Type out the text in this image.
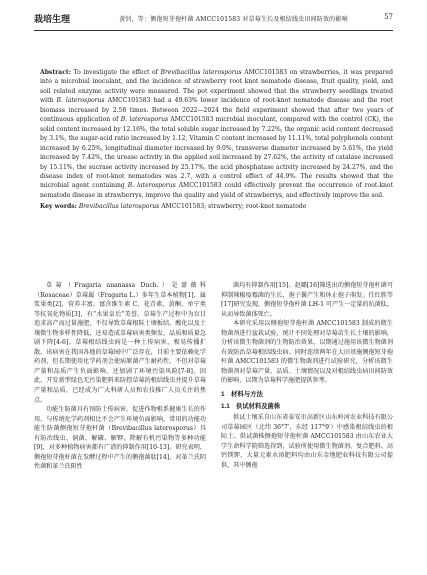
栽培生理	黄钊，等：侧孢短芽孢杆菌 AMCC101583 对草莓生长及根结线虫田间防效的影响	57

Abstract: To investigate the effect of Brevibacillus laterosporus AMCC101583 on strawberries, it was prepared into a microbial inoculant, and the incidence of strawberry root knot nematode disease, fruit quality, yield, and soil related enzyme activity were measured. The pot experiment showed that the strawberry seedlings treated with B. laterosporus AMCC101583 had a 49.63% lower incidence of root-knot nematode disease and the root biomass increased by 2.58 times. Between 2022—2024 the field experiment showed that after two years of continuous application of B. laterosporus AMCC101583 microbial inoculant, compared with the control (CK), the solid content increased by 12.16%, the total soluble sugar increased by 7.22%, the organic acid content decreased by 3.1%, the sugar-acid ratio increased by 1.12, Vitamin C content increased by 11.11%, total polyphenols content increased by 6.25%, longitudinal diameter increased by 9.0%, transverse diameter increased by 5.61%, the yield increased by 7.42%, the urease activity in the applied soil increased by 27.62%, the activity of catalase increased by 15.11%, the sucrase activity increased by 25.17%, the acid phosphatase activity increased by 24.27%, and the disease index of root-knot nematodes was 2.7, with a control effect of 44.9%. The results showed that the microbial agent containing B. laterosporus AMCC101583 could effectively prevent the occurrence of root-knot nematode disease in strawberrys, improve the quality and yield of strawberrys, and effectively improve the soil.

Key words: Brevibacillus laterosporus AMCC101583; strawberry; root-knot nematode

草莓（Fragaria ananassa Duch.）是蔷薇科（Rosaceae）草莓属（Fragaria L.）多年生草本植物[1]，属浆果类[2]，营养丰富，富含维生素 C、花青素、黄酮、单宁类等抗氧化物质[3]，有“水果皇后”美誉。草莓生产过程中为盲目追求高产而过量施肥，不仅导致草莓根际土壤板结、酸化以及土壤微生物多样性降低，还易造成草莓病害类频发，品质和质量急剧下降[4-6]。草莓根结线虫病是一种土传病害，极易传播扩散，该病害在我国各地的草莓园中广泛存在，目前主要依赖化学药剂，但长期使用化学药剂会使病原菌产生耐药性，不但对草莓产量和品质产生负面影响，还加剧了环境污染风险[7-8]。因此，开发新型绿色无污染肥料来防控草莓的根结线虫并提升草莓产量和品质，已经成为广大科研人员和农技推广人员关注的焦点。

功能生防菌具有预防土传病害、促进作物根系健康生长的作用，与传统化学药剂相比不会产生环境负面影响，常用的功能功能生防菌侧孢短芽孢杆菌（Brevibacillus laterosporus）具有防治线虫、洞菌、解磷、解钾、降解有机污染物等多种功能[9]，对多种植物病害都有广谱的抑制作用[10-13]。研究表明，侧孢短芽孢杆菌在发酵过程中产生的侧孢菌肽[14]，对革兰氏阴性菌和革兰氏阳性

菌均有抑制作用[15]。赵璐[16]筛选出的侧孢短芽孢杆菌可抑制辣椒疫霉菌的生长，孢子囊产生和休止孢子萌发。任红胜等[17]研究发现，侧孢短芽孢杆菌 LH-1 可产生一定量的抗菌肽，从而导致菌体死亡。

本研究采用以侧孢短芽孢杆菌 AMCC101583 制成的微生物菌剂进行盆栽试验，统计不同处理对草莓苗生长土壤的影响，分析该微生物菌剂的生物防治效果，以期通过施用该微生物菌剂有效防治草莓根结线虫病。同时连续两年在大田基施侧孢短芽孢杆菌 AMCC101583 的微生物菌剂进行试验研究，分析该微生物菌剂对草莓产量、品质、土壤情况以及对根结线虫病田间防效的影响，以期为草莓科学施肥提供参考。

1　材料与方法
1.1　供试材料及菌株

供试土壤采自山东省泰安市高新区山东岭河农业科技有限公司草莓园区（北纬 36°7′，东经 117°9′）中感染根结线虫的根际土。供试菌株侧孢短芽孢杆菌 AMCC101583 由山东农业大学生命科学院筛选得到，试验所使用微生物菌剂、复合肥料、高钙镁钾、大量元素水溶肥料均由山东金地肥业科技有限公司提供，其中侧孢
